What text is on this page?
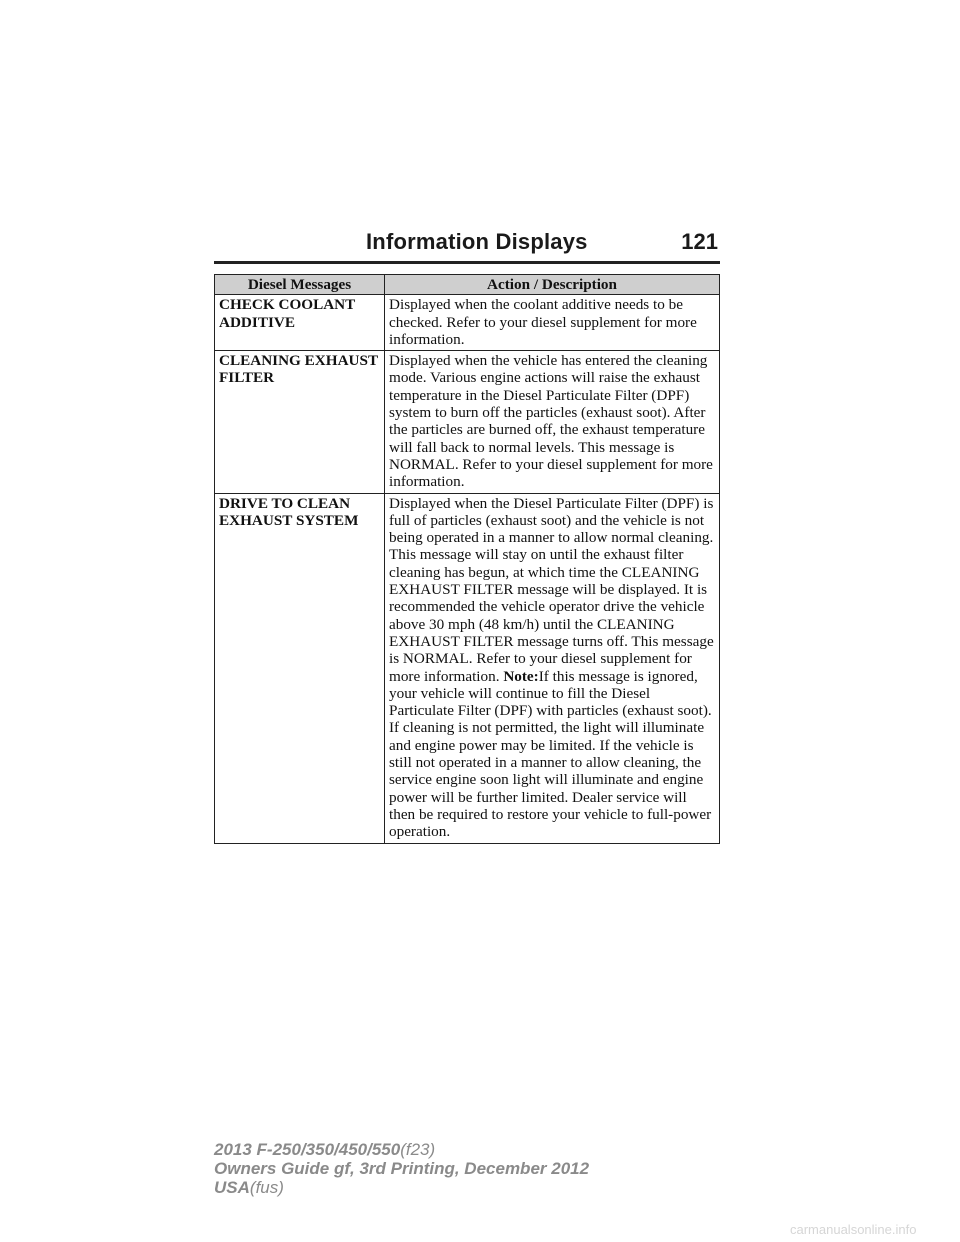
Information Displays	121
Diesel Messages	Action / Description
CHECK COOLANT ADDITIVE	Displayed when the coolant additive needs to be checked. Refer to your diesel supplement for more information.
CLEANING EXHAUST FILTER	Displayed when the vehicle has entered the cleaning mode. Various engine actions will raise the exhaust temperature in the Diesel Particulate Filter (DPF) system to burn off the particles (exhaust soot). After the particles are burned off, the exhaust temperature will fall back to normal levels. This message is NORMAL. Refer to your diesel supplement for more information.
DRIVE TO CLEAN EXHAUST SYSTEM	Displayed when the Diesel Particulate Filter (DPF) is full of particles (exhaust soot) and the vehicle is not being operated in a manner to allow normal cleaning. This message will stay on until the exhaust filter cleaning has begun, at which time the CLEANING EXHAUST FILTER message will be displayed. It is recommended the vehicle operator drive the vehicle above 30 mph (48 km/h) until the CLEANING EXHAUST FILTER message turns off. This message is NORMAL. Refer to your diesel supplement for more information. Note:If this message is ignored, your vehicle will continue to fill the Diesel Particulate Filter (DPF) with particles (exhaust soot). If cleaning is not permitted, the light will illuminate and engine power may be limited. If the vehicle is still not operated in a manner to allow cleaning, the service engine soon light will illuminate and engine power will be further limited. Dealer service will then be required to restore your vehicle to full-power operation.
2013 F-250/350/450/550(f23)
Owners Guide gf, 3rd Printing, December 2012
USA(fus)
carmanualsonline.info
